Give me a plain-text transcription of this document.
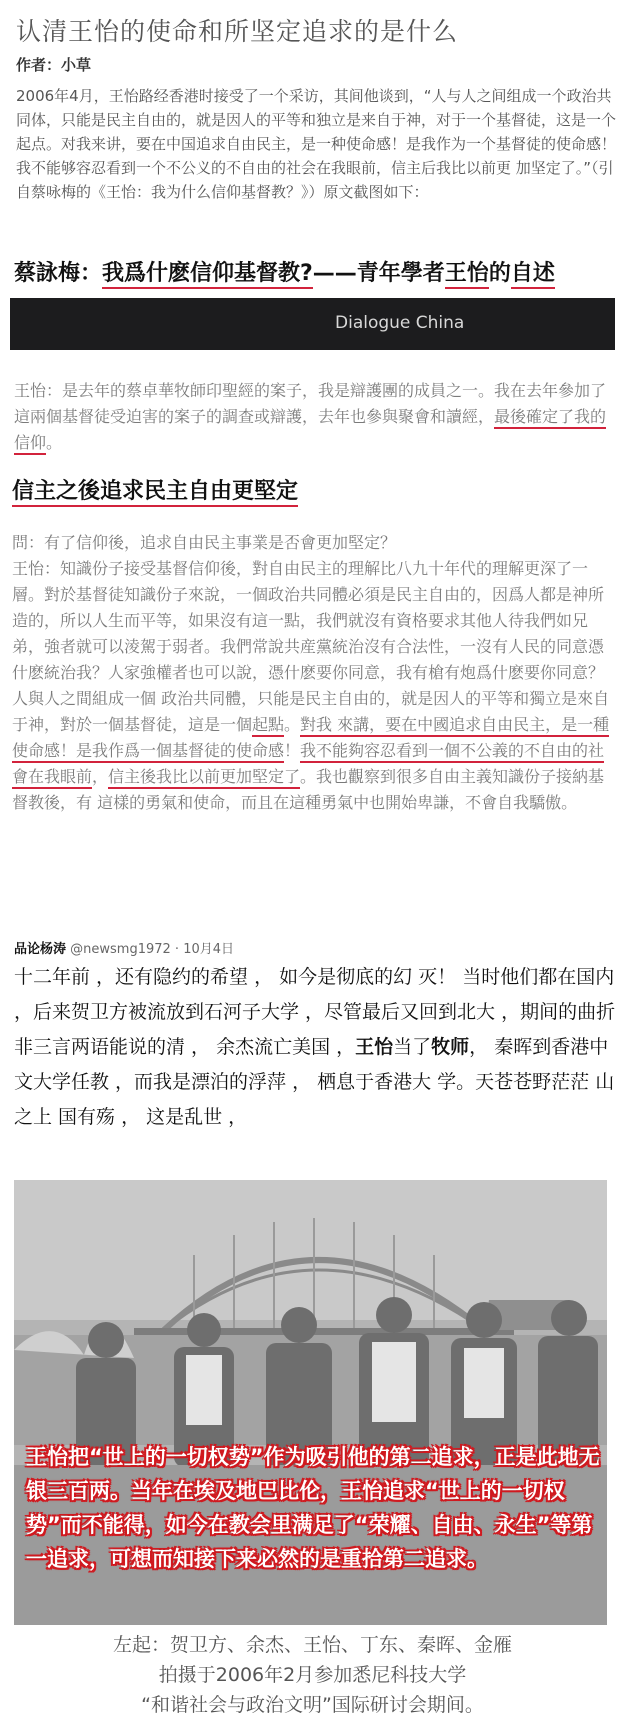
认清王怡的使命和所坚定追求的是什么
作者：小草
2006年4月，王怡路经香港时接受了一个采访，其间他谈到，“人与人之间组成一个政治共同体，只能是民主自由的，就是因人的平等和独立是来自于神，对于一个基督徒，这是一个起点。对我来讲，要在中国追求自由民主，是一种使命感！是我作为一个基督徒的使命感！我不能够容忍看到一个不公义的不自由的社会在我眼前，信主后我比以前更 加坚定了。”（引自蔡咏梅的《王怡：我为什么信仰基督教？》）原文截图如下：
蔡詠梅：我爲什麽信仰基督教?——青年學者王怡的自述
Dialogue China
王怡：是去年的蔡卓華牧師印聖經的案子，我是辯護團的成員之一。我在去年參加了這兩個基督徒受迫害的案子的調查或辯護，去年也參與聚會和讀經，最後確定了我的信仰。
信主之後追求民主自由更堅定
問：有了信仰後，追求自由民主事業是否會更加堅定？
王怡：知識份子接受基督信仰後，對自由民主的理解比八九十年代的理解更深了一層。對於基督徒知識份子來說，一個政治共同體必須是民主自由的，因爲人都是神所造的，所以人生而平等，如果沒有這一點，我們就沒有資格要求其他人待我們如兄弟，強者就可以淩駕于弱者。我們常說共産黨統治沒有合法性，一沒有人民的同意憑什麽統治我？人家強權者也可以說，憑什麽要你同意，我有槍有炮爲什麽要你同意？人與人之間組成一個 政治共同體，只能是民主自由的，就是因人的平等和獨立是來自于神，對於一個基督徒，這是一個起點。對我 來講，要在中國追求自由民主，是一種使命感！是我作爲一個基督徒的使命感！我不能夠容忍看到一個不公義的不自由的社會在我眼前，信主後我比以前更加堅定了。我也觀察到很多自由主義知識份子接納基督教後，有 這樣的勇氣和使命，而且在這種勇氣中也開始卑謙，不會自我驕傲。
品论杨涛 @newsmg1972 · 10月4日
十二年前 ，还有隐约的希望 ， 如今是彻底的幻 灭！ 当时他们都在国内 ，后来贺卫方被流放到石河子大学 ，尽管最后又回到北大 ，期间的曲折非三言两语能说的清 ， 余杰流亡美国 ，王怡当了牧师， 秦晖到香港中文大学任教 ，而我是漂泊的浮萍 ， 栖息于香港大 学。天苍苍野茫茫 山之上 国有殇 ， 这是乱世 ，
王怡把“世上的一切权势”作为吸引他的第二追求，正是此地无银三百两。当年在埃及地巴比伦，王怡追求“世上的一切权势”而不能得，如今在教会里满足了“荣耀、自由、永生”等第一追求，可想而知接下来必然的是重拾第二追求。
左起：贺卫方、余杰、王怡、丁东、秦晖、金雁
拍摄于2006年2月参加悉尼科技大学
“和谐社会与政治文明”国际研讨会期间。
